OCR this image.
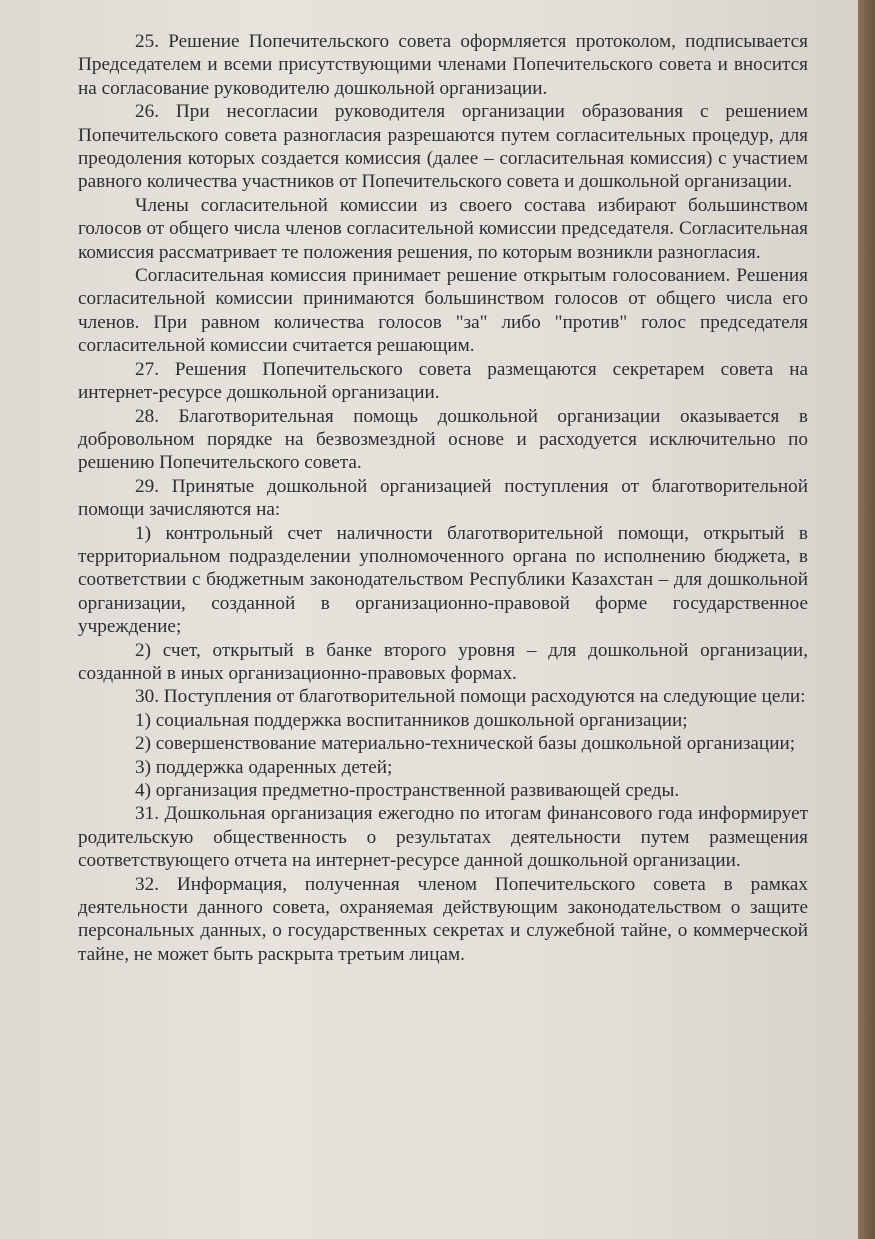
25. Решение Попечительского совета оформляется протоколом, подписывается Председателем и всеми присутствующими членами Попечительского совета и вносится на согласование руководителю дошкольной организации.

26. При несогласии руководителя организации образования с решением Попечительского совета разногласия разрешаются путем согласительных процедур, для преодоления которых создается комиссия (далее – согласительная комиссия) с участием равного количества участников от Попечительского совета и дошкольной организации.

Члены согласительной комиссии из своего состава избирают большинством голосов от общего числа членов согласительной комиссии председателя. Согласительная комиссия рассматривает те положения решения, по которым возникли разногласия.

Согласительная комиссия принимает решение открытым голосованием. Решения согласительной комиссии принимаются большинством голосов от общего числа его членов. При равном количества голосов "за" либо "против" голос председателя согласительной комиссии считается решающим.

27. Решения Попечительского совета размещаются секретарем совета на интернет-ресурсе дошкольной организации.

28. Благотворительная помощь дошкольной организации оказывается в добровольном порядке на безвозмездной основе и расходуется исключительно по решению Попечительского совета.

29. Принятые дошкольной организацией поступления от благотворительной помощи зачисляются на:

1) контрольный счет наличности благотворительной помощи, открытый в территориальном подразделении уполномоченного органа по исполнению бюджета, в соответствии с бюджетным законодательством Республики Казахстан – для дошкольной организации, созданной в организационно-правовой форме государственное учреждение;

2) счет, открытый в банке второго уровня – для дошкольной организации, созданной в иных организационно-правовых формах.

30. Поступления от благотворительной помощи расходуются на следующие цели:

1) социальная поддержка воспитанников дошкольной организации;

2) совершенствование материально-технической базы дошкольной организации;

3) поддержка одаренных детей;

4) организация предметно-пространственной развивающей среды.

31. Дошкольная организация ежегодно по итогам финансового года информирует родительскую общественность о результатах деятельности путем размещения соответствующего отчета на интернет-ресурсе данной дошкольной организации.

32. Информация, полученная членом Попечительского совета в рамках деятельности данного совета, охраняемая действующим законодательством о защите персональных данных, о государственных секретах и служебной тайне, о коммерческой тайне, не может быть раскрыта третьим лицам.
